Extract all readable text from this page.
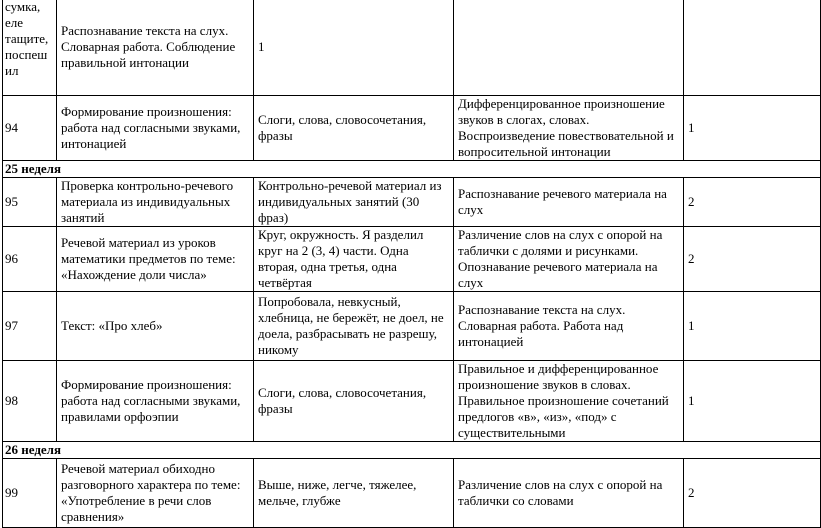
сумка, еле тащите, поспешил	Распознавание текста на слух. Словарная работа. Соблюдение правильной интонации	1		
94	Формирование произношения: работа над согласными звуками, интонацией	Слоги, слова, словосочетания, фразы	Дифференцированное произношение звуков в слогах, словах. Воспроизведение повествовательной и вопросительной интонации	1
25 неделя				
95	Проверка контрольно-речевого материала из индивидуальных занятий	Контрольно-речевой материал из индивидуальных занятий (30 фраз)	Распознавание речевого материала на слух	2
96	Речевой материал из уроков математики предметов по теме: «Нахождение доли числа»	Круг, окружность. Я разделил круг на 2 (3, 4) части. Одна вторая, одна третья, одна четвёртая	Различение слов на слух с опорой на таблички с долями и рисунками. Опознавание речевого материала на слух	2
97	Текст: «Про хлеб»	Попробовала, невкусный, хлебница, не бережёт, не доел, не доела, разбрасывать не разрешу, никому	Распознавание текста на слух. Словарная работа. Работа над интонацией	1
98	Формирование произношения: работа над согласными звуками, правилами орфоэпии	Слоги, слова, словосочетания, фразы	Правильное и дифференцированное произношение звуков в словах. Правильное произношение сочетаний предлогов «в», «из», «под» с существительными	1
26 неделя				
99	Речевой материал обиходно разговорного характера по теме: «Употребление в речи слов сравнения»	Выше, ниже, легче, тяжелее, мельче, глубже	Различение слов на слух с опорой на таблички со словами	2
